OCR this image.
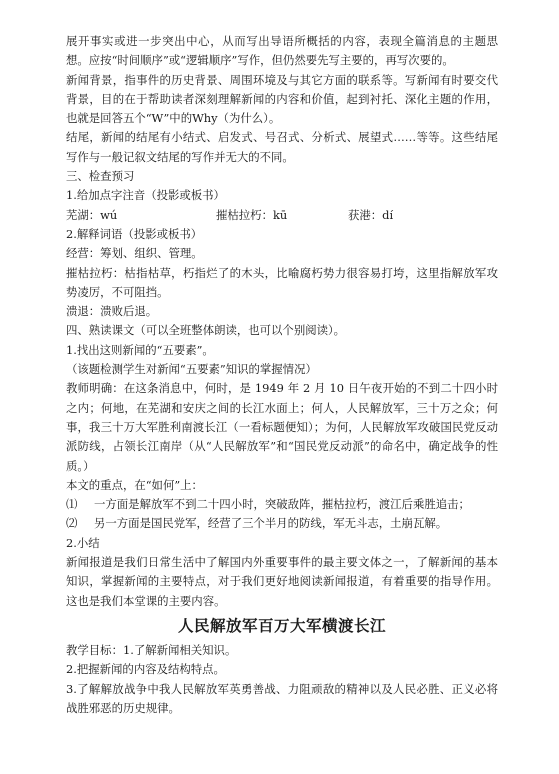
展开事实或进一步突出中心，从而写出导语所概括的内容，表现全篇消息的主题思想。应按“时间顺序”或“逻辑顺序”写作，但仍然要先写主要的，再写次要的。

新闻背景，指事件的历史背景、周围环境及与其它方面的联系等。写新闻有时要交代背景，目的在于帮助读者深刻理解新闻的内容和价值，起到衬托、深化主题的作用，也就是回答五个“W”中的Why（为什么）。

结尾，新闻的结尾有小结式、启发式、号召式、分析式、展望式……等等。这些结尾写作与一般记叙文结尾的写作并无大的不同。

三、检查预习

1.给加点字注音（投影或板书）

芜湖：wú	摧枯拉朽：kū	获港：dí

2.解释词语（投影或板书）

经营：筹划、组织、管理。

摧枯拉朽：枯指枯草，朽指烂了的木头，比喻腐朽势力很容易打垮，这里指解放军攻势凌厉，不可阻挡。

溃退：溃败后退。

四、熟读课文（可以全班整体朗读，也可以个别阅读）。

1.找出这则新闻的“五要素”。

（该题检测学生对新闻“五要素”知识的掌握情况）

教师明确：在这条消息中，何时，是 1949 年 2 月 10 日午夜开始的不到二十四小时之内；何地，在芜湖和安庆之间的长江水面上；何人，人民解放军，三十万之众；何事，我三十万大军胜利南渡长江（一看标题便知）；为何，人民解放军攻破国民党反动派防线，占领长江南岸（从“人民解放军”和“国民党反动派”的命名中，确定战争的性质。）

本文的重点，在“如何”上：

⑴ 一方面是解放军不到二十四小时，突破敌阵，摧枯拉朽，渡江后乘胜追击；
⑵ 另一方面是国民党军，经营了三个半月的防线，军无斗志，土崩瓦解。

2.小结

新闻报道是我们日常生活中了解国内外重要事件的最主要文体之一，了解新闻的基本知识，掌握新闻的主要特点，对于我们更好地阅读新闻报道，有着重要的指导作用。这也是我们本堂课的主要内容。

人民解放军百万大军横渡长江

教学目标：1.了解新闻相关知识。

2.把握新闻的内容及结构特点。

3.了解解放战争中我人民解放军英勇善战、力阻顽敌的精神以及人民必胜、正义必将战胜邪恶的历史规律。
